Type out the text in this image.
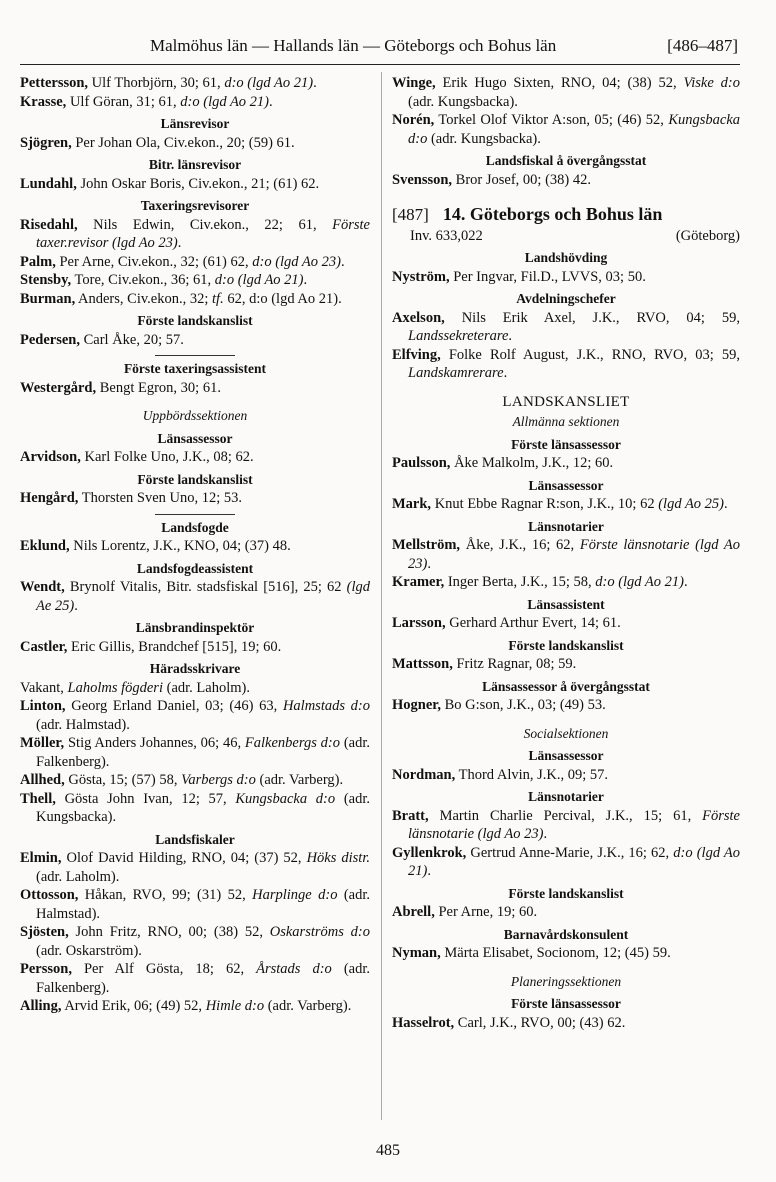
Malmöhus län — Hallands län — Göteborgs och Bohus län	[486–487]

Pettersson, Ulf Thorbjörn, 30; 61, d:o (lgd Ao 21).

Krasse, Ulf Göran, 31; 61, d:o (lgd Ao 21).

Länsrevisor

Sjögren, Per Johan Ola, Civ.ekon., 20; (59) 61.

Bitr. länsrevisor

Lundahl, John Oskar Boris, Civ.ekon., 21; (61) 62.

Taxeringsrevisorer

Risedahl, Nils Edwin, Civ.ekon., 22; 61, Förste taxer.revisor (lgd Ao 23).

Palm, Per Arne, Civ.ekon., 32; (61) 62, d:o (lgd Ao 23).

Stensby, Tore, Civ.ekon., 36; 61, d:o (lgd Ao 21).

Burman, Anders, Civ.ekon., 32; tf. 62, d:o (lgd Ao 21).

Förste landskanslist

Pedersen, Carl Åke, 20; 57.

Förste taxeringsassistent

Westergård, Bengt Egron, 30; 61.

Uppbördssektionen
Länsassessor

Arvidson, Karl Folke Uno, J.K., 08; 62.

Förste landskanslist

Hengård, Thorsten Sven Uno, 12; 53.

Landsfogde

Eklund, Nils Lorentz, J.K., KNO, 04; (37) 48.

Landsfogdeassistent

Wendt, Brynolf Vitalis, Bitr. stadsfiskal [516], 25; 62 (lgd Ae 25).

Länsbrandinspektör

Castler, Eric Gillis, Brandchef [515], 19; 60.

Häradsskrivare

Vakant, Laholms fögderi (adr. Laholm).

Linton, Georg Erland Daniel, 03; (46) 63, Halmstads d:o (adr. Halmstad).

Möller, Stig Anders Johannes, 06; 46, Falkenbergs d:o (adr. Falkenberg).

Allhed, Gösta, 15; (57) 58, Varbergs d:o (adr. Varberg).

Thell, Gösta John Ivan, 12; 57, Kungsbacka d:o (adr. Kungsbacka).

Landsfiskaler

Elmin, Olof David Hilding, RNO, 04; (37) 52, Höks distr. (adr. Laholm).

Ottosson, Håkan, RVO, 99; (31) 52, Harplinge d:o (adr. Halmstad).

Sjösten, John Fritz, RNO, 00; (38) 52, Oskarströms d:o (adr. Oskarström).

Persson, Per Alf Gösta, 18; 62, Årstads d:o (adr. Falkenberg).

Alling, Arvid Erik, 06; (49) 52, Himle d:o (adr. Varberg).

Winge, Erik Hugo Sixten, RNO, 04; (38) 52, Viske d:o (adr. Kungsbacka).

Norén, Torkel Olof Viktor A:son, 05; (46) 52, Kungsbacka d:o (adr. Kungsbacka).

Landsfiskal å övergångsstat

Svensson, Bror Josef, 00; (38) 42.

[487] 14. Göteborgs och Bohus län
Inv. 633,022	(Göteborg)
Landshövding

Nyström, Per Ingvar, Fil.D., LVVS, 03; 50.

Avdelningschefer

Axelson, Nils Erik Axel, J.K., RVO, 04; 59, Landssekreterare.

Elfving, Folke Rolf August, J.K., RNO, RVO, 03; 59, Landskamrerare.

LANDSKANSLIET
Allmänna sektionen
Förste länsassessor

Paulsson, Åke Malkolm, J.K., 12; 60.

Länsassessor

Mark, Knut Ebbe Ragnar R:son, J.K., 10; 62 (lgd Ao 25).

Länsnotarier

Mellström, Åke, J.K., 16; 62, Förste länsnotarie (lgd Ao 23).

Kramer, Inger Berta, J.K., 15; 58, d:o (lgd Ao 21).

Länsassistent

Larsson, Gerhard Arthur Evert, 14; 61.

Förste landskanslist

Mattsson, Fritz Ragnar, 08; 59.

Länsassessor å övergångsstat

Hogner, Bo G:son, J.K., 03; (49) 53.

Socialsektionen
Länsassessor

Nordman, Thord Alvin, J.K., 09; 57.

Länsnotarier

Bratt, Martin Charlie Percival, J.K., 15; 61, Förste länsnotarie (lgd Ao 23).

Gyllenkrok, Gertrud Anne-Marie, J.K., 16; 62, d:o (lgd Ao 21).

Förste landskanslist

Abrell, Per Arne, 19; 60.

Barnavårdskonsulent

Nyman, Märta Elisabet, Socionom, 12; (45) 59.

Planeringssektionen
Förste länsassessor

Hasselrot, Carl, J.K., RVO, 00; (43) 62.

485
